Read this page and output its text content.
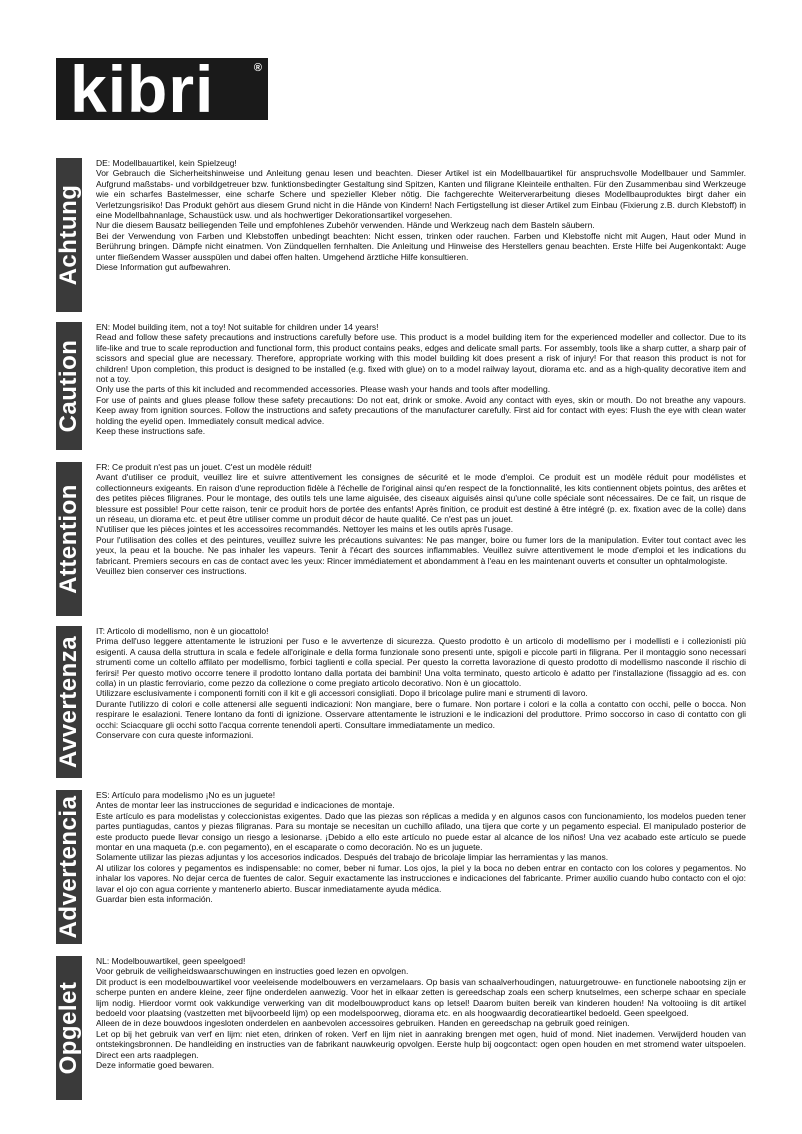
kibri	®
Achtung

DE: Modellbauartikel, kein Spielzeug!

Vor Gebrauch die Sicherheitshinweise und Anleitung genau lesen und beachten. Dieser Artikel ist ein Modellbauartikel für anspruchsvolle Modellbauer und Sammler. Aufgrund maßstabs- und vorbildgetreuer bzw. funktionsbedingter Gestaltung sind Spitzen, Kanten und filigrane Kleinteile enthalten. Für den Zusammenbau sind Werkzeuge wie ein scharfes Bastelmesser, eine scharfe Schere und spezieller Kleber nötig. Die fachgerechte Weiterverarbeitung dieses Modellbauproduktes birgt daher ein Verletzungsrisiko! Das Produkt gehört aus diesem Grund nicht in die Hände von Kindern! Nach Fertigstellung ist dieser Artikel zum Einbau (Fixierung z.B. durch Klebstoff) in eine Modellbahnanlage, Schaustück usw. und als hochwertiger Dekorationsartikel vorgesehen.

Nur die diesem Bausatz beiliegenden Teile und empfohlenes Zubehör verwenden. Hände und Werkzeug nach dem Basteln säubern.

Bei der Verwendung von Farben und Klebstoffen unbedingt beachten: Nicht essen, trinken oder rauchen. Farben und Klebstoffe nicht mit Augen, Haut oder Mund in Berührung bringen. Dämpfe nicht einatmen. Von Zündquellen fernhalten. Die Anleitung und Hinweise des Herstellers genau beachten. Erste Hilfe bei Augenkontakt: Auge unter fließendem Wasser ausspülen und dabei offen halten. Umgehend ärztliche Hilfe konsultieren.

Diese Information gut aufbewahren.

Caution

EN: Model building item, not a toy! Not suitable for children under 14 years!

Read and follow these safety precautions and instructions carefully before use. This product is a model building item for the experienced modeller and collector. Due to its life-like and true to scale reproduction and functional form, this product contains peaks, edges and delicate small parts. For assembly, tools like a sharp cutter, a sharp pair of scissors and special glue are necessary. Therefore, appropriate working with this model building kit does present a risk of injury! For that reason this product is not for children! Upon completion, this product is designed to be installed (e.g. fixed with glue) on to a model railway layout, diorama etc. and as a high-quality decorative item and not a toy.

Only use the parts of this kit included and recommended accessories. Please wash your hands and tools after modelling.

For use of paints and glues please follow these safety precautions: Do not eat, drink or smoke. Avoid any contact with eyes, skin or mouth. Do not breathe any vapours. Keep away from ignition sources. Follow the instructions and safety precautions of the manufacturer carefully. First aid for contact with eyes: Flush the eye with clean water holding the eyelid open. Immediately consult medical advice.

Keep these instructions safe.

Attention

FR: Ce produit n'est pas un jouet. C'est un modèle réduit!

Avant d'utiliser ce produit, veuillez lire et suivre attentivement les consignes de sécurité et le mode d'emploi. Ce produit est un modèle réduit pour modélistes et collectionneurs exigeants. En raison d'une reproduction fidèle à l'échelle de l'original ainsi qu'en respect de la fonctionnalité, les kits contiennent objets pointus, des arêtes et des petites pièces filigranes. Pour le montage, des outils tels une lame aiguisée, des ciseaux aiguisés ainsi qu'une colle spéciale sont nécessaires. De ce fait, un risque de blessure est possible! Pour cette raison, tenir ce produit hors de portée des enfants! Après finition, ce produit est destiné à être intégré (p. ex. fixation avec de la colle) dans un réseau, un diorama etc. et peut être utiliser comme un produit décor de haute qualité. Ce n'est pas un jouet.

N'utiliser que les pièces jointes et les accessoires recommandés. Nettoyer les mains et les outils après l'usage.

Pour l'utilisation des colles et des peintures, veuillez suivre les précautions suivantes: Ne pas manger, boire ou fumer lors de la manipulation. Eviter tout contact avec les yeux, la peau et la bouche. Ne pas inhaler les vapeurs. Tenir à l'écart des sources inflammables. Veuillez suivre attentivement le mode d'emploi et les indications du fabricant. Premiers secours en cas de contact avec les yeux: Rincer immédiatement et abondamment à l'eau en les maintenant ouverts et consulter un ophtalmologiste.

Veuillez bien conserver ces instructions.

Avvertenza

IT: Articolo di modellismo, non è un giocattolo!

Prima dell'uso leggere attentamente le istruzioni per l'uso e le avvertenze di sicurezza. Questo prodotto è un articolo di modellismo per i modellisti e i collezionisti più esigenti. A causa della struttura in scala e fedele all'originale e della forma funzionale sono presenti unte, spigoli e piccole parti in filigrana. Per il montaggio sono necessari strumenti come un coltello affilato per modellismo, forbici taglienti e colla special. Per questo la corretta lavorazione di questo prodotto di modellismo nasconde il rischio di ferirsi! Per questo motivo occorre tenere il prodotto lontano dalla portata dei bambini! Una volta terminato, questo articolo è adatto per l'installazione (fissaggio ad es. con colla) in un plastic ferroviario, come pezzo da collezione o come pregiato articolo decorativo. Non è un giocattolo.

Utilizzare esclusivamente i componenti forniti con il kit e gli accessori consigliati. Dopo il bricolage pulire mani e strumenti di lavoro.

Durante l'utilizzo di colori e colle attenersi alle seguenti indicazioni: Non mangiare, bere o fumare. Non portare i colori e la colla a contatto con occhi, pelle o bocca. Non respirare le esalazioni. Tenere lontano da fonti di ignizione. Osservare attentamente le istruzioni e le indicazioni del produttore. Primo soccorso in caso di contatto con gli occhi: Sciacquare gli occhi sotto l'acqua corrente tenendoli aperti. Consultare immediatamente un medico.

Conservare con cura queste informazioni.

Advertencia

ES: Artículo para modelismo ¡No es un juguete!

Antes de montar leer las instrucciones de seguridad e indicaciones de montaje.

Este artículo es para modelistas y coleccionistas exigentes. Dado que las piezas son réplicas a medida y en algunos casos con funcionamiento, los modelos pueden tener partes puntiagudas, cantos y piezas filigranas. Para su montaje se necesitan un cuchillo afilado, una tijera que corte y un pegamento especial. El manipulado posterior de este producto puede llevar consigo un riesgo a lesionarse. ¡Debido a ello este artículo no puede estar al alcance de los niños! Una vez acabado este artículo se puede montar en una maqueta (p.e. con pegamento), en el escaparate o como decoración. No es un juguete.

Solamente utilizar las piezas adjuntas y los accesorios indicados. Después del trabajo de bricolaje limpiar las herramientas y las manos.

Al utilizar los colores y pegamentos es indispensable: no comer, beber ni fumar. Los ojos, la piel y la boca no deben entrar en contacto con los colores y pegamentos. No inhalar los vapores. No dejar cerca de fuentes de calor. Seguir exactamente las instrucciones e indicaciones del fabricante. Primer auxilio cuando hubo contacto con el ojo: lavar el ojo con agua corriente y mantenerlo abierto. Buscar inmediatamente ayuda médica.

Guardar bien esta información.

Opgelet

NL: Modelbouwartikel, geen speelgoed!

Voor gebruik de veiligheidswaarschuwingen en instructies goed lezen en opvolgen.

Dit product is een modelbouwartikel voor veeleisende modelbouwers en verzamelaars. Op basis van schaalverhoudingen, natuurgetrouwe- en functionele nabootsing zijn er scherpe punten en andere kleine, zeer fijne onderdelen aanwezig. Voor het in elkaar zetten is gereedschap zoals een scherp knutselmes, een scherpe schaar en speciale lijm nodig. Hierdoor vormt ook vakkundige verwerking van dit modelbouwproduct kans op letsel! Daarom buiten bereik van kinderen houden! Na voltooiing is dit artikel bedoeld voor plaatsing (vastzetten met bijvoorbeeld lijm) op een modelspoorweg, diorama etc. en als hoogwaardig decoratieartikel bedoeld. Geen speelgoed.

Alleen de in deze bouwdoos ingesloten onderdelen en aanbevolen accessoires gebruiken. Handen en gereedschap na gebruik goed reinigen.

Let op bij het gebruik van verf en lijm: niet eten, drinken of roken. Verf en lijm niet in aanraking brengen met ogen, huid of mond. Niet inademen. Verwijderd houden van ontstekingsbronnen. De handleiding en instructies van de fabrikant nauwkeurig opvolgen. Eerste hulp bij oogcontact: ogen open houden en met stromend water uitspoelen. Direct een arts raadplegen.

Deze informatie goed bewaren.
